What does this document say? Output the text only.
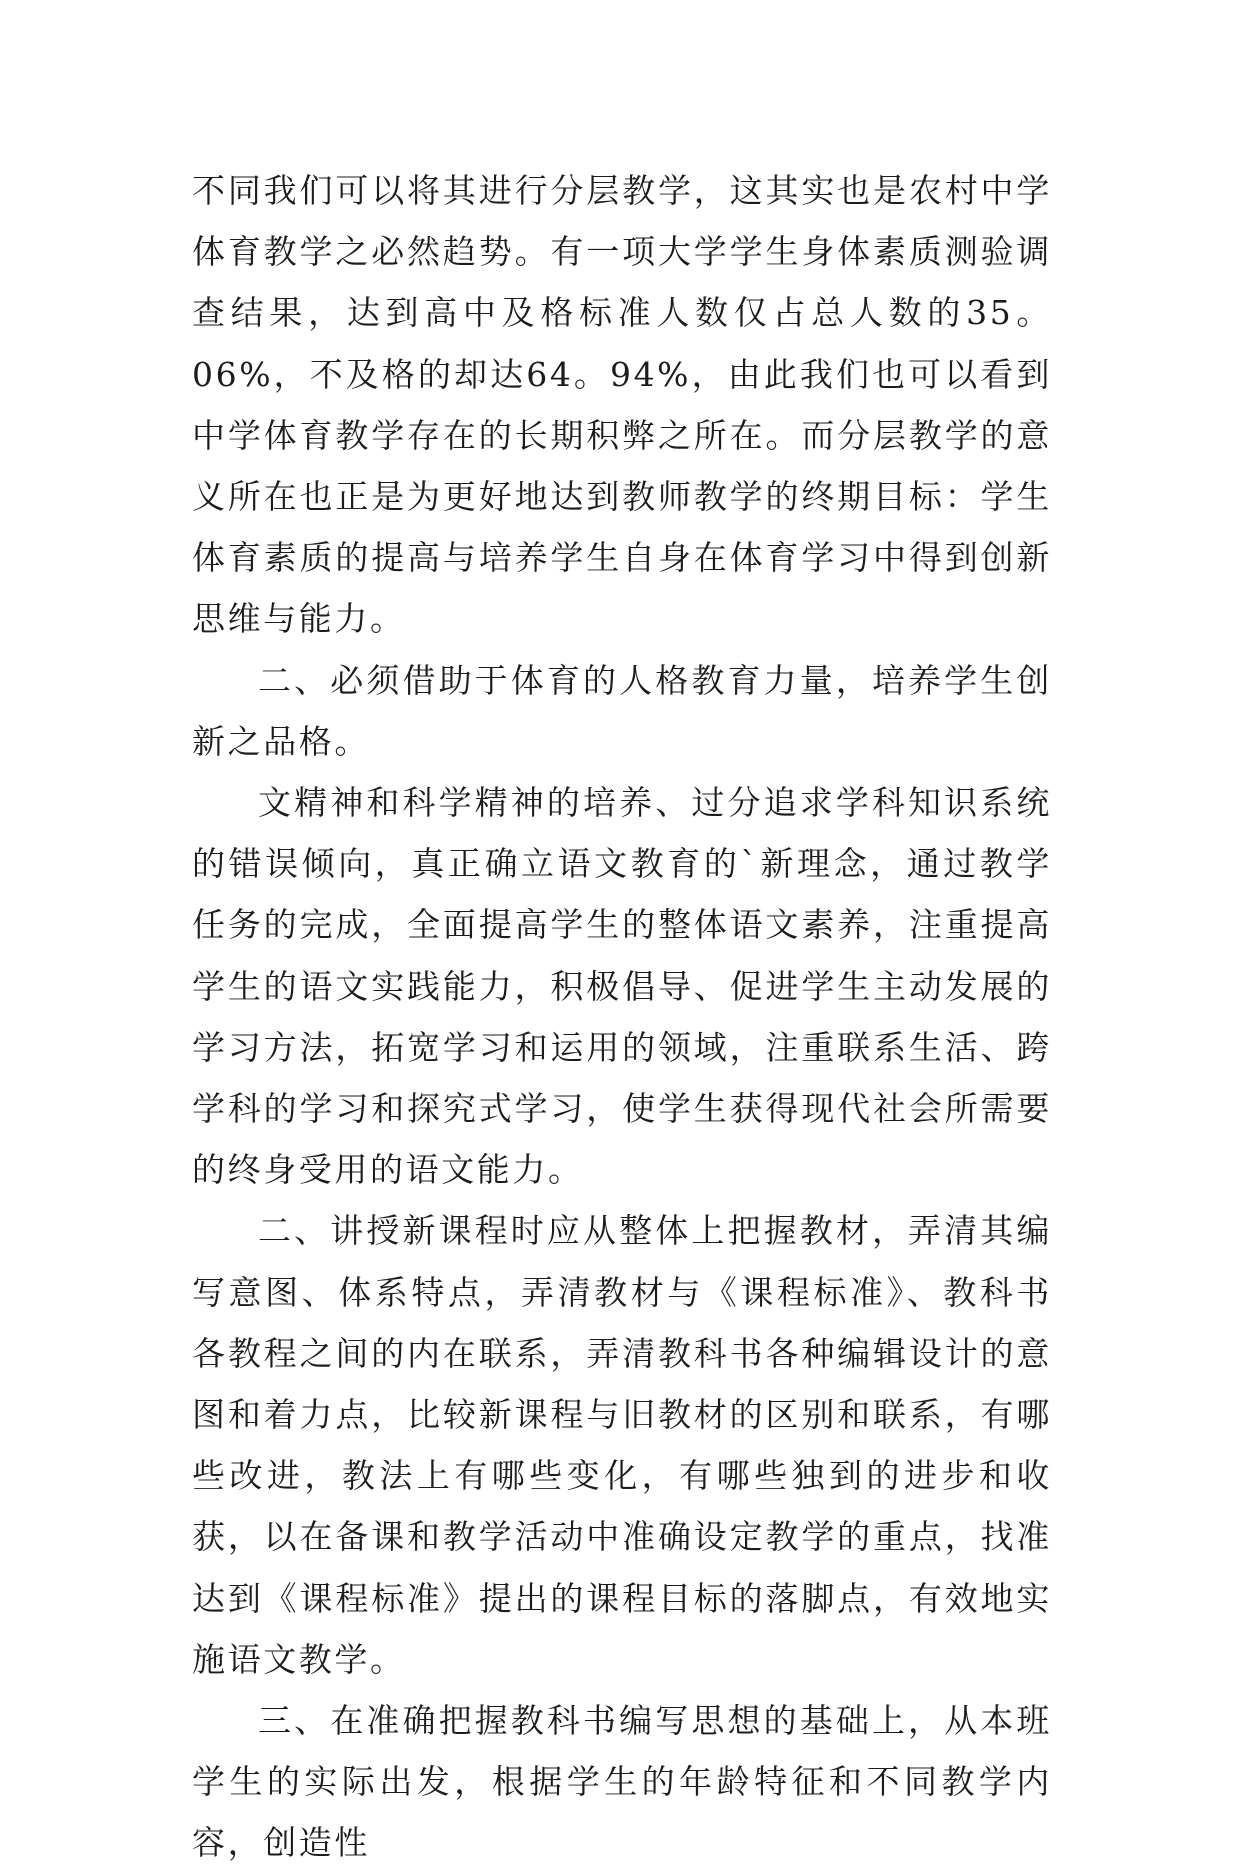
不同我们可以将其进行分层教学，这其实也是农村中学体育教学之必然趋势。有一项大学学生身体素质测验调查结果，达到高中及格标准人数仅占总人数的35。06%，不及格的却达64。94%，由此我们也可以看到中学体育教学存在的长期积弊之所在。而分层教学的意义所在也正是为更好地达到教师教学的终期目标：学生体育素质的提高与培养学生自身在体育学习中得到创新思维与能力。

二、必须借助于体育的人格教育力量，培养学生创新之品格。

文精神和科学精神的培养、过分追求学科知识系统的错误倾向，真正确立语文教育的`新理念，通过教学任务的完成，全面提高学生的整体语文素养，注重提高学生的语文实践能力，积极倡导、促进学生主动发展的学习方法，拓宽学习和运用的领域，注重联系生活、跨学科的学习和探究式学习，使学生获得现代社会所需要的终身受用的语文能力。

二、讲授新课程时应从整体上把握教材，弄清其编写意图、体系特点，弄清教材与《课程标准》、教科书各教程之间的内在联系，弄清教科书各种编辑设计的意图和着力点，比较新课程与旧教材的区别和联系，有哪些改进，教法上有哪些变化，有哪些独到的进步和收获，以在备课和教学活动中准确设定教学的重点，找准达到《课程标准》提出的课程目标的落脚点，有效地实施语文教学。

三、在准确把握教科书编写思想的基础上，从本班学生的实际出发，根据学生的年龄特征和不同教学内容，创造性
